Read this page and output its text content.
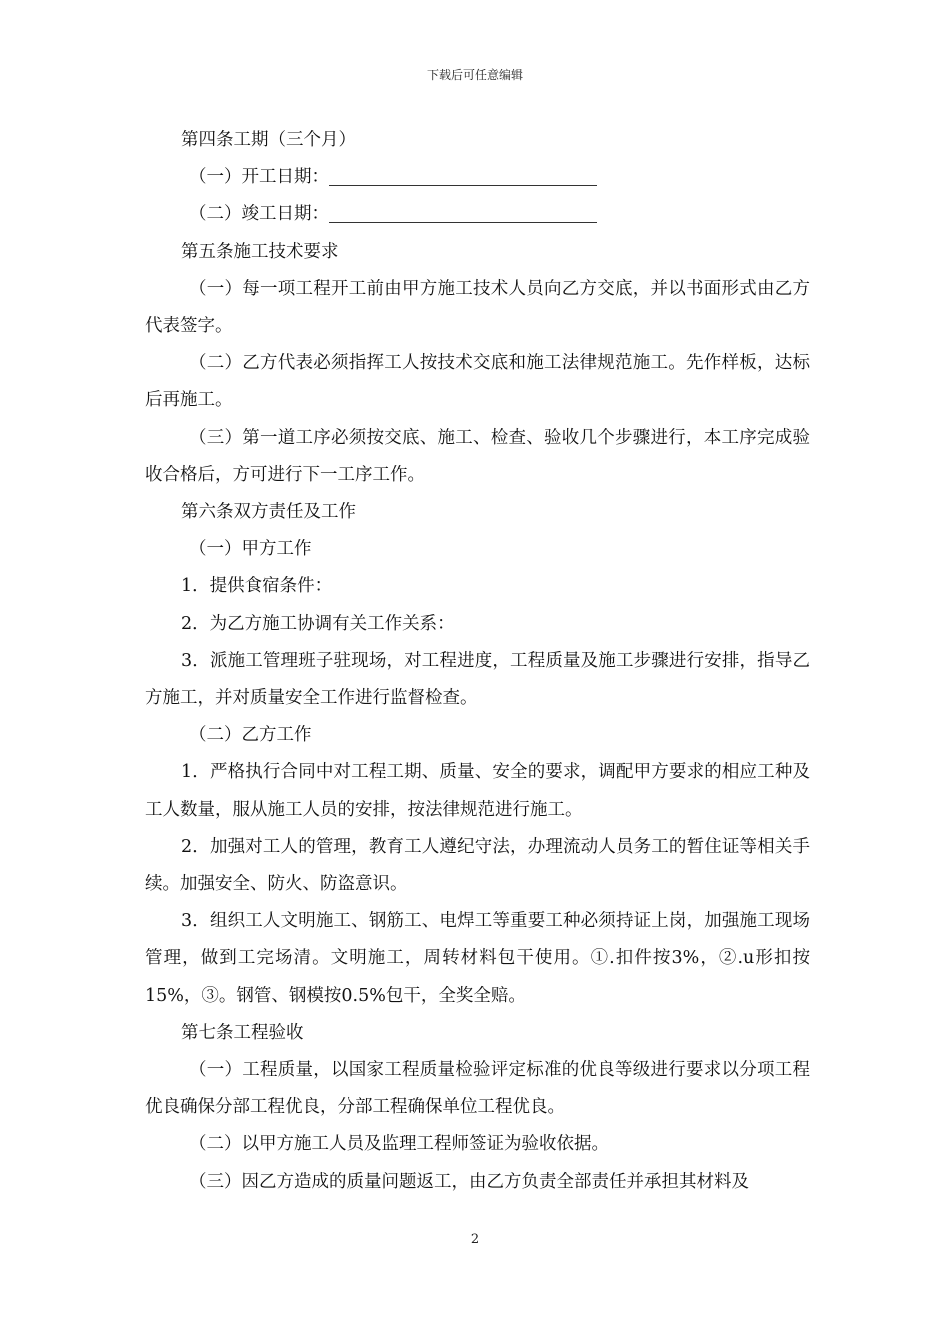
下载后可任意编辑

第四条工期（三个月）

（一）开工日期：

（二）竣工日期：

第五条施工技术要求

（一）每一项工程开工前由甲方施工技术人员向乙方交底，并以书面形式由乙方代表签字。

（二）乙方代表必须指挥工人按技术交底和施工法律规范施工。先作样板，达标后再施工。

（三）第一道工序必须按交底、施工、检查、验收几个步骤进行，本工序完成验收合格后，方可进行下一工序工作。

第六条双方责任及工作

（一）甲方工作

1．提供食宿条件：

2．为乙方施工协调有关工作关系：

3．派施工管理班子驻现场，对工程进度，工程质量及施工步骤进行安排，指导乙方施工，并对质量安全工作进行监督检查。

（二）乙方工作

1．严格执行合同中对工程工期、质量、安全的要求，调配甲方要求的相应工种及工人数量，服从施工人员的安排，按法律规范进行施工。

2．加强对工人的管理，教育工人遵纪守法，办理流动人员务工的暂住证等相关手续。加强安全、防火、防盗意识。

3．组织工人文明施工、钢筋工、电焊工等重要工种必须持证上岗，加强施工现场管理，做到工完场清。文明施工，周转材料包干使用。①.扣件按3%，②.u形扣按15%，③。钢管、钢模按0.5%包干，全奖全赔。

第七条工程验收

（一）工程质量，以国家工程质量检验评定标准的优良等级进行要求以分项工程优良确保分部工程优良，分部工程确保单位工程优良。

（二）以甲方施工人员及监理工程师签证为验收依据。

（三）因乙方造成的质量问题返工，由乙方负责全部责任并承担其材料及

2
